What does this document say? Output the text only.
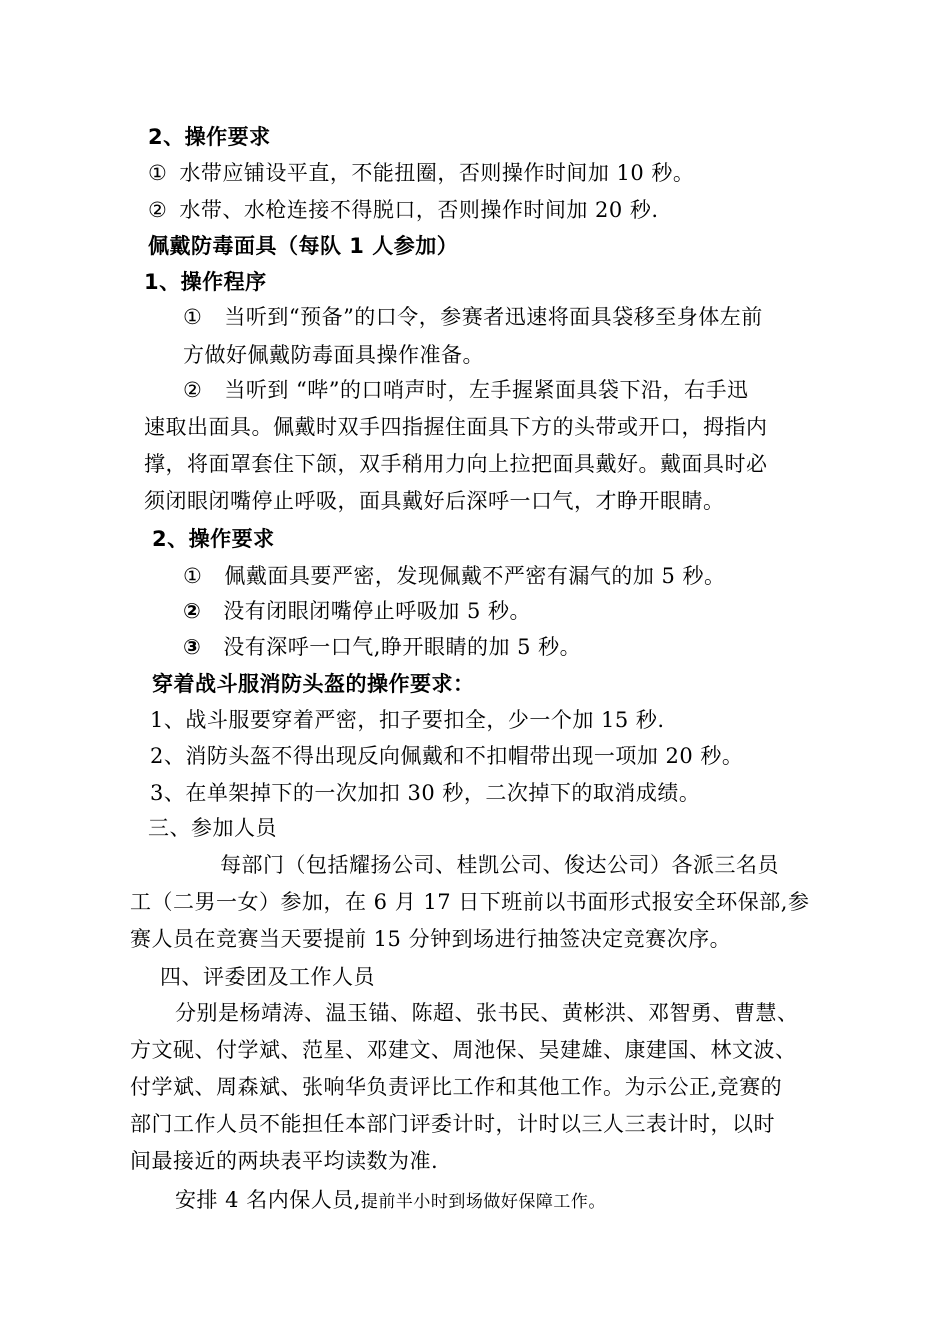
2、操作要求
① 水带应铺设平直，不能扭圈，否则操作时间加 10 秒。
② 水带、水枪连接不得脱口，否则操作时间加 20 秒.
佩戴防毒面具（每队 1 人参加）
1、操作程序
① 当听到“预备”的口令，参赛者迅速将面具袋移至身体左前
方做好佩戴防毒面具操作准备。
② 当听到 “哔”的口哨声时，左手握紧面具袋下沿，右手迅
速取出面具。佩戴时双手四指握住面具下方的头带或开口，拇指内
撑，将面罩套住下颌，双手稍用力向上拉把面具戴好。戴面具时必
须闭眼闭嘴停止呼吸，面具戴好后深呼一口气，才睁开眼睛。
2、操作要求
① 佩戴面具要严密，发现佩戴不严密有漏气的加 5 秒。
② 没有闭眼闭嘴停止呼吸加 5 秒。
③ 没有深呼一口气,睁开眼睛的加 5 秒。
穿着战斗服消防头盔的操作要求：
1、战斗服要穿着严密，扣子要扣全，少一个加 15 秒.
2、消防头盔不得出现反向佩戴和不扣帽带出现一项加 20 秒。
3、在单架掉下的一次加扣 30 秒，二次掉下的取消成绩。
三、参加人员
每部门（包括耀扬公司、桂凯公司、俊达公司）各派三名员
工（二男一女）参加，在 6 月 17 日下班前以书面形式报安全环保部,参
赛人员在竞赛当天要提前 15 分钟到场进行抽签决定竞赛次序。
四、评委团及工作人员
分别是杨靖涛、温玉锚、陈超、张书民、黄彬洪、邓智勇、曹慧、
方文砚、付学斌、范星、邓建文、周池保、吴建雄、康建国、林文波、
付学斌、周森斌、张响华负责评比工作和其他工作。为示公正,竞赛的
部门工作人员不能担任本部门评委计时，计时以三人三表计时，以时
间最接近的两块表平均读数为准.
安排 4 名内保人员,提前半小时到场做好保障工作。
